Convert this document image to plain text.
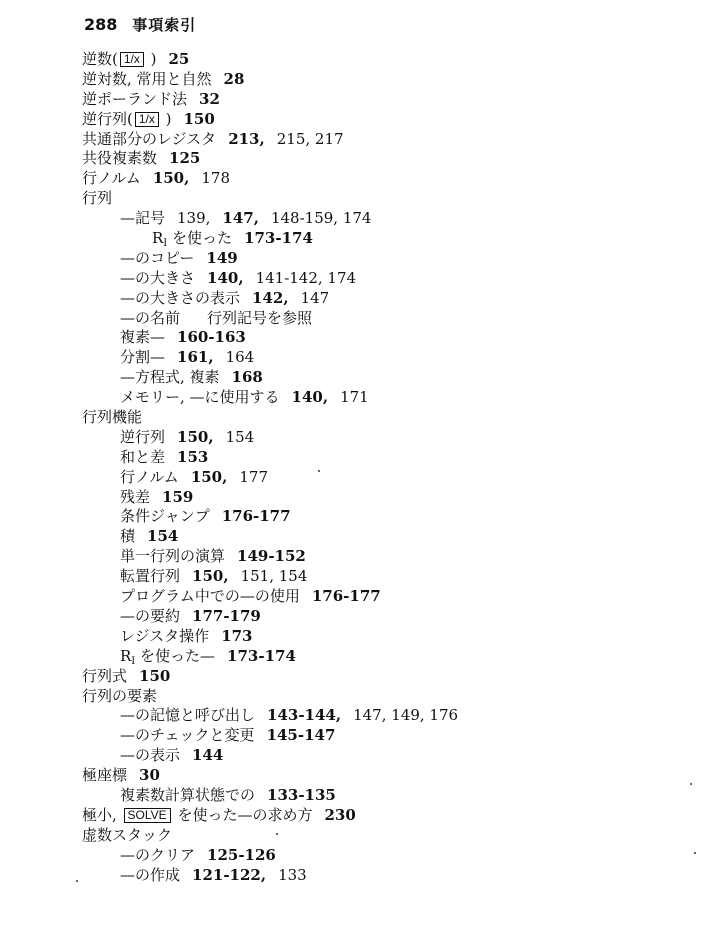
288 事項索引
逆数( 1/x ) 25
逆対数, 常用と自然 28
逆ポーランド法 32
逆行列( 1/x ) 150
共通部分のレジスタ 213, 215, 217
共役複素数 125
行ノルム 150, 178
行列
—記号 139, 147, 148-159, 174
$R_I$ を使った 173-174
—のコピー 149
—の大きさ 140, 141-142, 174
—の大きさの表示 142, 147
—の名前　行列記号を参照
複素— 160-163
分割— 161, 164
—方程式, 複素 168
メモリー, —に使用する 140, 171
行列機能
逆行列 150, 154
和と差 153
行ノルム 150, 177
残差 159
条件ジャンプ 176-177
積 154
単一行列の演算 149-152
転置行列 150, 151, 154
プログラム中での—の使用 176-177
—の要約 177-179
レジスタ操作 173
$R_I$ を使った— 173-174
行列式 150
行列の要素
—の記憶と呼び出し 143-144, 147, 149, 176
—のチェックと変更 145-147
—の表示 144
極座標 30
複素数計算状態での 133-135
極小, SOLVE を使った—の求め方 230
虚数スタック
—のクリア 125-126
—の作成 121-122, 133
